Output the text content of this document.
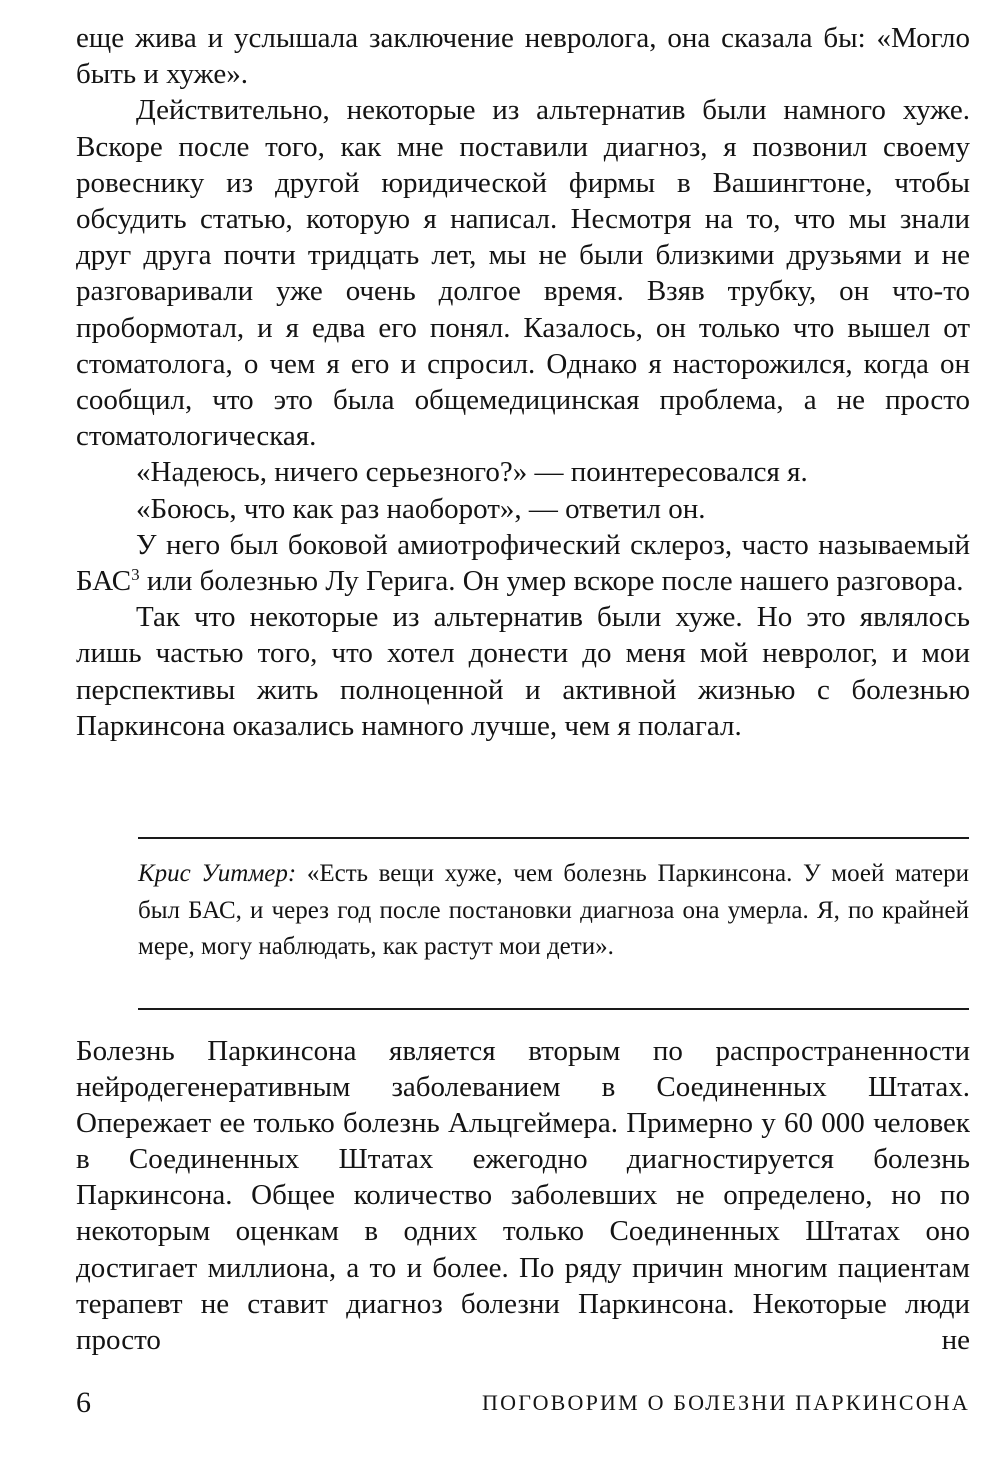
еще жива и услышала заключение невролога, она сказала бы: «Могло быть и хуже».

Действительно, некоторые из альтернатив были намного хуже. Вскоре после того, как мне поставили диагноз, я позвонил своему ровеснику из другой юридической фирмы в Вашингтоне, чтобы обсудить статью, которую я написал. Несмотря на то, что мы знали друг друга почти тридцать лет, мы не были близкими друзьями и не разговаривали уже очень долгое время. Взяв трубку, он что-то пробормотал, и я едва его понял. Казалось, он только что вышел от стоматолога, о чем я его и спросил. Однако я насторожился, когда он сообщил, что это была общемедицинская проблема, а не просто стоматологическая.

«Надеюсь, ничего серьезного?» — поинтересовался я.

«Боюсь, что как раз наоборот», — ответил он.

У него был боковой амиотрофический склероз, часто называемый БАС$^3$ или болезнью Лу Герига. Он умер вскоре после нашего разговора.

Так что некоторые из альтернатив были хуже. Но это являлось лишь частью того, что хотел донести до меня мой невролог, и мои перспективы жить полноценной и активной жизнью с болезнью Паркинсона оказались намного лучше, чем я полагал.

Крис Уитмер: «Есть вещи хуже, чем болезнь Паркинсона. У моей матери был БАС, и через год после постановки диагноза она умерла. Я, по крайней мере, могу наблюдать, как растут мои дети».

Болезнь Паркинсона является вторым по распространенности нейродегенеративным заболеванием в Соединенных Штатах. Опережает ее только болезнь Альцгеймера. Примерно у 60 000 человек в Соединенных Штатах ежегодно диагностируется болезнь Паркинсона. Общее количество заболевших не определено, но по некоторым оценкам в одних только Соединенных Штатах оно достигает миллиона, а то и более. По ряду причин многим пациентам терапевт не ставит диагноз болезни Паркинсона. Некоторые люди просто не

6	ПОГОВОРИМ О БОЛЕЗНИ ПАРКИНСОНА
